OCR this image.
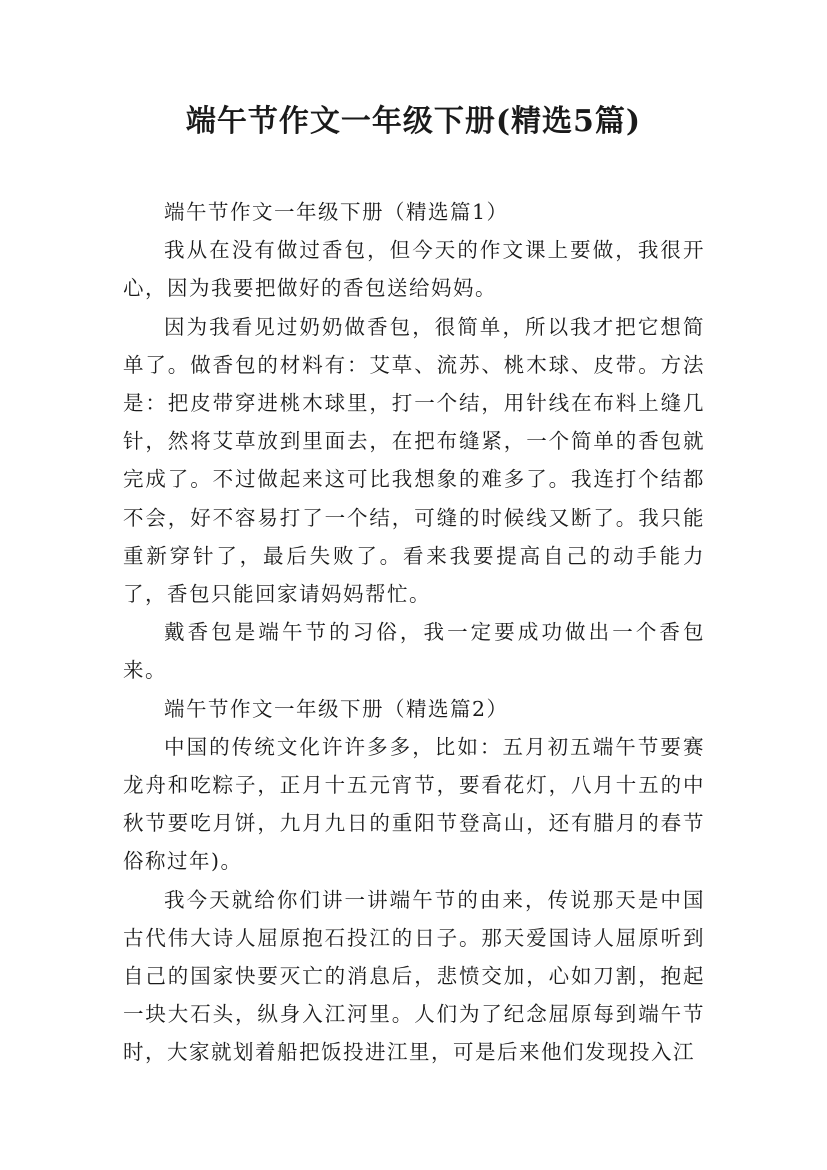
端午节作文一年级下册(精选5篇)

端午节作文一年级下册（精选篇1）

我从在没有做过香包，但今天的作文课上要做，我很开心，因为我要把做好的香包送给妈妈。

因为我看见过奶奶做香包，很简单，所以我才把它想简单了。做香包的材料有：艾草、流苏、桃木球、皮带。方法是：把皮带穿进桃木球里，打一个结，用针线在布料上缝几针，然将艾草放到里面去，在把布缝紧，一个简单的香包就完成了。不过做起来这可比我想象的难多了。我连打个结都不会，好不容易打了一个结，可缝的时候线又断了。我只能重新穿针了，最后失败了。看来我要提高自己的动手能力了，香包只能回家请妈妈帮忙。

戴香包是端午节的习俗，我一定要成功做出一个香包来。

端午节作文一年级下册（精选篇2）

中国的传统文化许许多多，比如：五月初五端午节要赛龙舟和吃粽子，正月十五元宵节，要看花灯，八月十五的中秋节要吃月饼，九月九日的重阳节登高山，还有腊月的春节俗称过年)。

我今天就给你们讲一讲端午节的由来，传说那天是中国古代伟大诗人屈原抱石投江的日子。那天爱国诗人屈原听到自己的国家快要灭亡的消息后，悲愤交加，心如刀割，抱起一块大石头，纵身入江河里。人们为了纪念屈原每到端午节时，大家就划着船把饭投进江里，可是后来他们发现投入江
